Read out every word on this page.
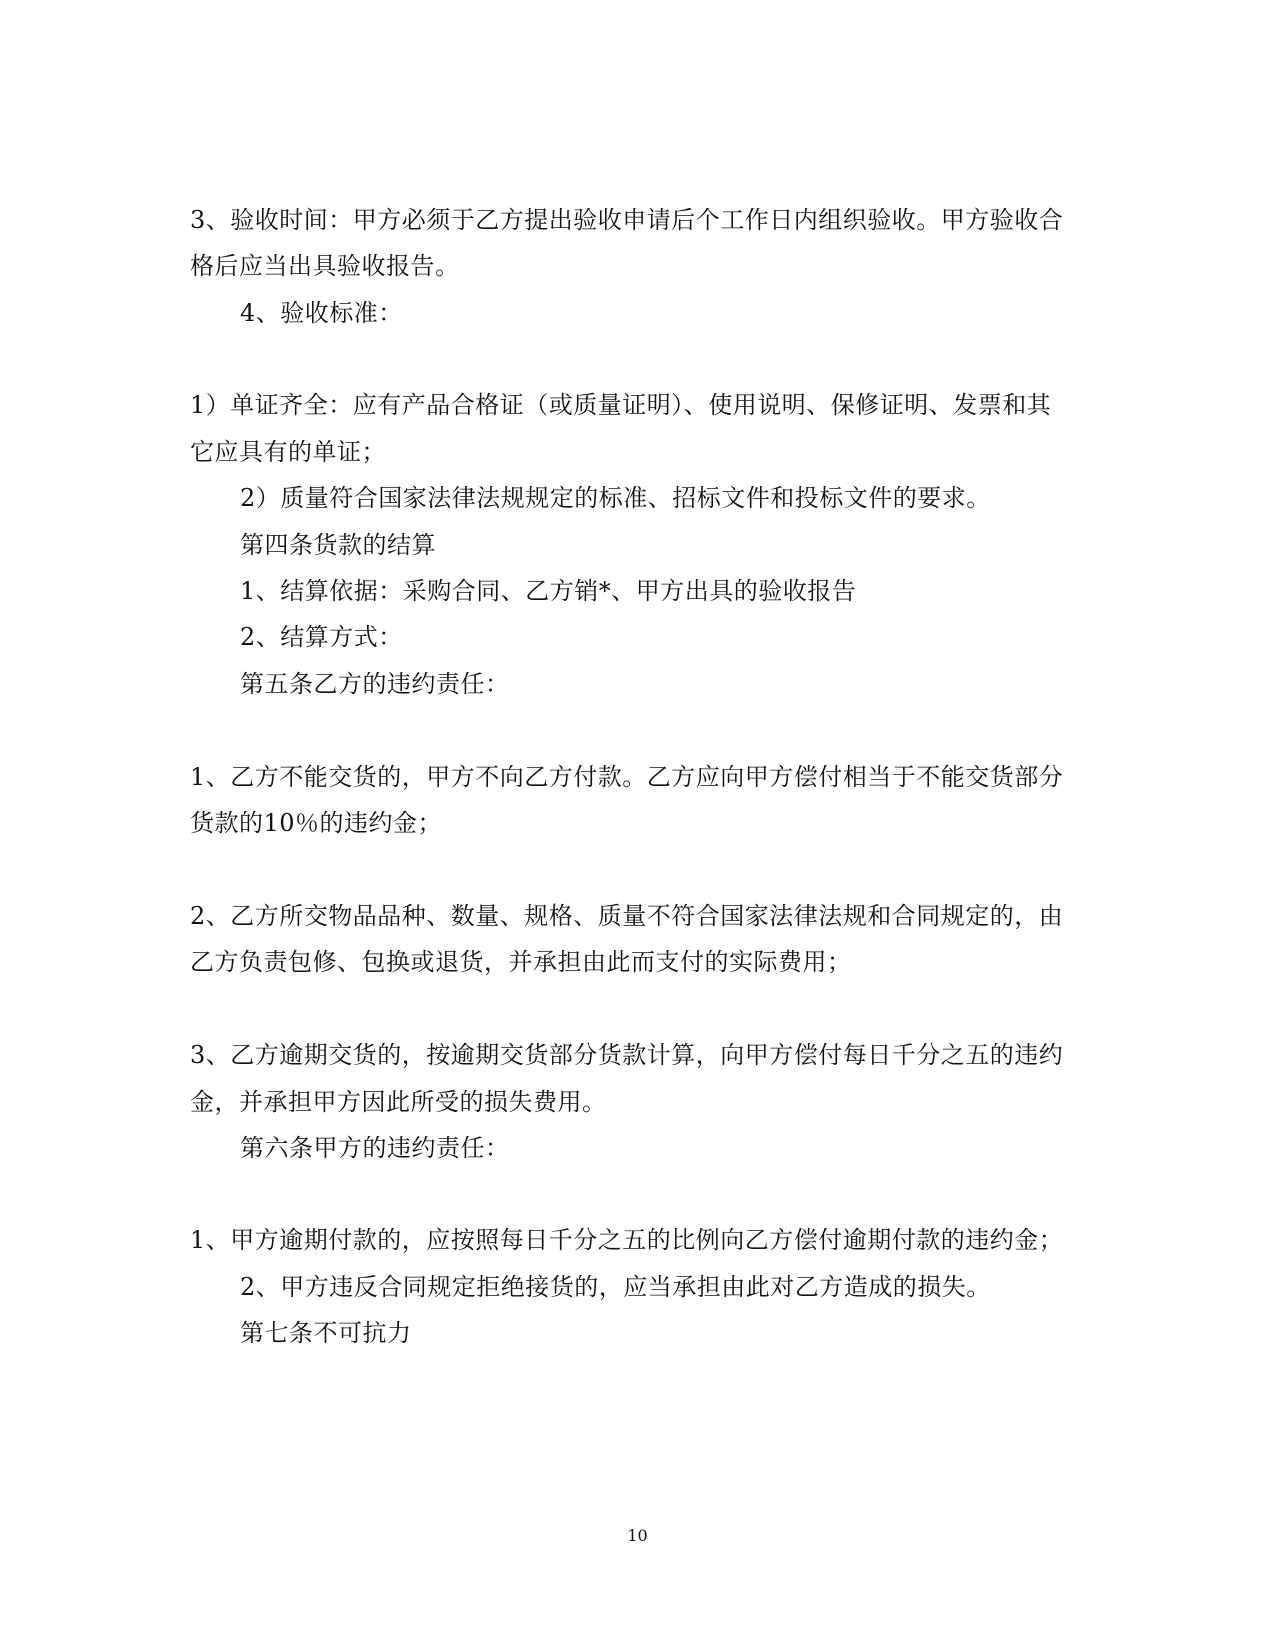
3、验收时间：甲方必须于乙方提出验收申请后个工作日内组织验收。甲方验收合
格后应当出具验收报告。
4、验收标准：
1）单证齐全：应有产品合格证（或质量证明）、使用说明、保修证明、发票和其
它应具有的单证；
2）质量符合国家法律法规规定的标准、招标文件和投标文件的要求。
第四条货款的结算
1、结算依据：采购合同、乙方销*、甲方出具的验收报告
2、结算方式：
第五条乙方的违约责任：
1、乙方不能交货的，甲方不向乙方付款。乙方应向甲方偿付相当于不能交货部分
货款的10％的违约金；
2、乙方所交物品品种、数量、规格、质量不符合国家法律法规和合同规定的，由
乙方负责包修、包换或退货，并承担由此而支付的实际费用；
3、乙方逾期交货的，按逾期交货部分货款计算，向甲方偿付每日千分之五的违约
金，并承担甲方因此所受的损失费用。
第六条甲方的违约责任：
1、甲方逾期付款的，应按照每日千分之五的比例向乙方偿付逾期付款的违约金；
2、甲方违反合同规定拒绝接货的，应当承担由此对乙方造成的损失。
第七条不可抗力
10
